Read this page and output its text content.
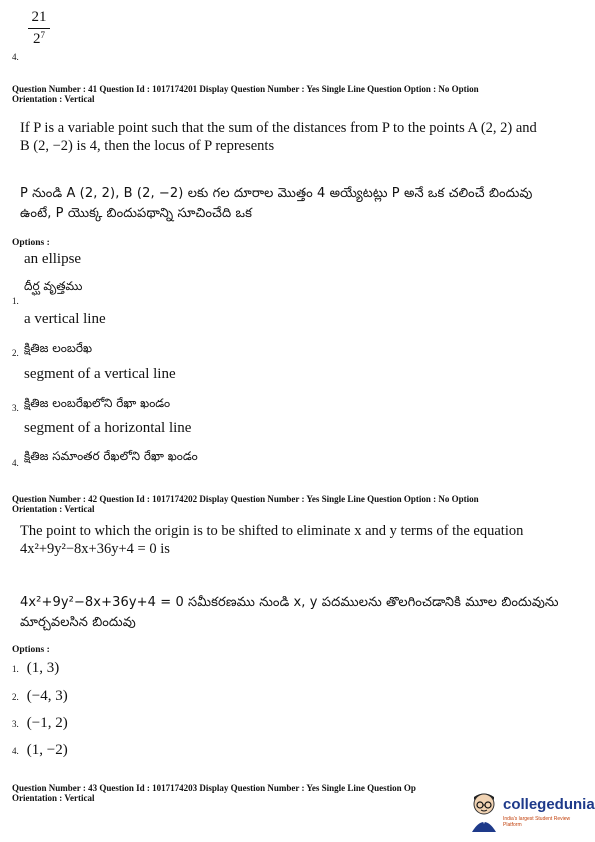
21
$2^7$
4.
Question Number : 41 Question Id : 1017174201 Display Question Number : Yes Single Line Question Option : No Option
Orientation : Vertical
If P is a variable point such that the sum of the distances from P to the points A (2, 2) and
B (2, −2) is 4, then the locus of P represents
P నుండి A (2, 2), B (2, −2) లకు గల దూరాల మొత్తం 4 అయ్యేటట్లు P అనే ఒక చలించే బిందువు
ఉంటే, P యొక్క బిందుపథాన్ని సూచించేది ఒక
Options :
an ellipse
దీర్ఘ వృత్తము
1.
a vertical line
2. క్షితిజ లంబరేఖ
segment of a vertical line
3. క్షితిజ లంబరేఖలోని రేఖా ఖండం
segment of a horizontal line
4. క్షితిజ సమాంతర రేఖలోని రేఖా ఖండం
Question Number : 42 Question Id : 1017174202 Display Question Number : Yes Single Line Question Option : No Option
Orientation : Vertical
The point to which the origin is to be shifted to eliminate x and y terms of the equation
4x²+9y²−8x+36y+4 = 0 is
4x²+9y²−8x+36y+4 = 0 సమీకరణము నుండి x, y పదములను తొలగించడానికి మూల బిందువును
మార్చవలసిన బిందువు
Options :
1. (1, 3)
2. (−4, 3)
3. (−1, 2)
4. (1, −2)
Question Number : 43 Question Id : 1017174203 Display Question Number : Yes Single Line Question Op
Orientation : Vertical	collegedunia
India's largest Student Review Platform
